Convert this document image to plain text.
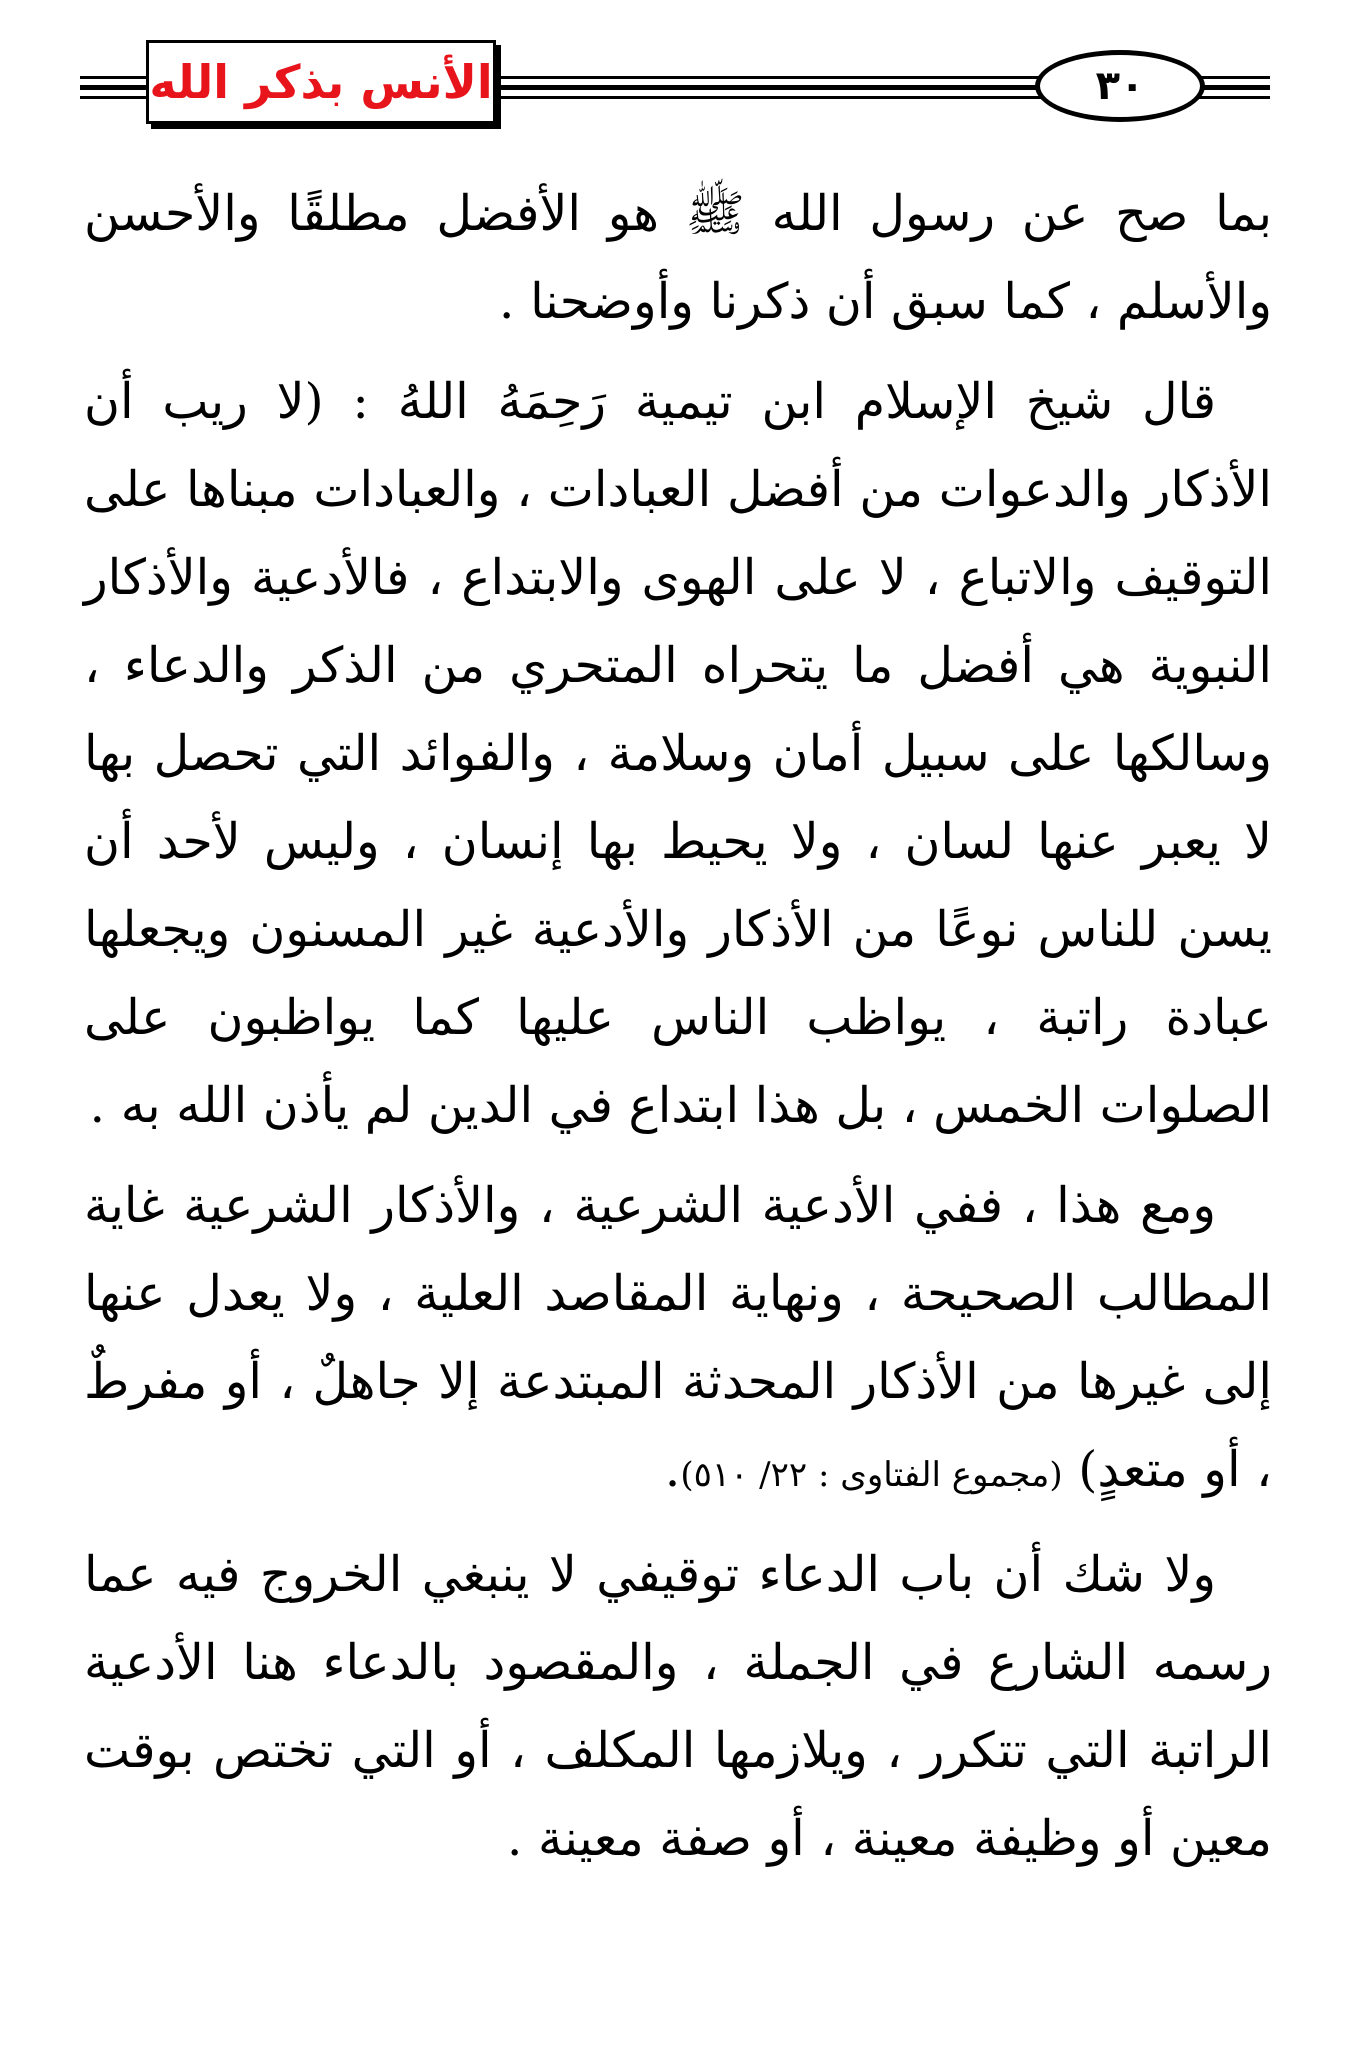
الأنس بذكر الله	٣٠

بما صح عن رسول الله ﷺ هو الأفضل مطلقًا والأحسن والأسلم ، كما سبق أن ذكرنا وأوضحنا .

قال شيخ الإسلام ابن تيمية رَحِمَهُ اللهُ : (لا ريب أن الأذكار والدعوات من أفضل العبادات ، والعبادات مبناها على التوقيف والاتباع ، لا على الهوى والابتداع ، فالأدعية والأذكار النبوية هي أفضل ما يتحراه المتحري من الذكر والدعاء ، وسالكها على سبيل أمان وسلامة ، والفوائد التي تحصل بها لا يعبر عنها لسان ، ولا يحيط بها إنسان ، وليس لأحد أن يسن للناس نوعًا من الأذكار والأدعية غير المسنون ويجعلها عبادة راتبة ، يواظب الناس عليها كما يواظبون على الصلوات الخمس ، بل هذا ابتداع في الدين لم يأذن الله به .

ومع هذا ، ففي الأدعية الشرعية ، والأذكار الشرعية غاية المطالب الصحيحة ، ونهاية المقاصد العلية ، ولا يعدل عنها إلى غيرها من الأذكار المحدثة المبتدعة إلا جاهلٌ ، أو مفرطٌ ، أو متعدٍ) (مجموع الفتاوى : ٢٢/ ٥١٠).

ولا شك أن باب الدعاء توقيفي لا ينبغي الخروج فيه عما رسمه الشارع في الجملة ، والمقصود بالدعاء هنا الأدعية الراتبة التي تتكرر ، ويلازمها المكلف ، أو التي تختص بوقت معين أو وظيفة معينة ، أو صفة معينة .
